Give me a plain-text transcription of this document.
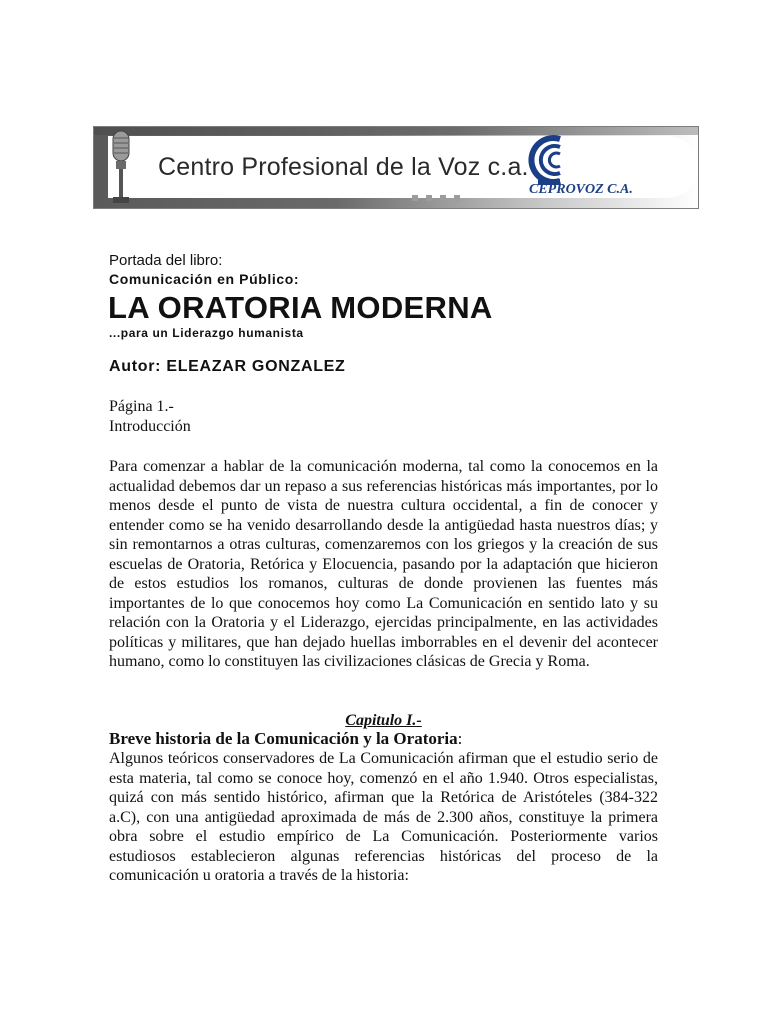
Centro Profesional de la Voz c.a.
CEPROVOZ C.A.
Portada del libro:
Comunicación en Público:
LA ORATORIA MODERNA
...para un Liderazgo humanista
Autor: ELEAZAR GONZALEZ
Página 1.-
Introducción
Para comenzar a hablar de la comunicación moderna, tal como la conocemos en la actualidad debemos dar un repaso a sus referencias históricas más importantes, por lo menos desde el punto de vista de nuestra cultura occidental, a fin de conocer y entender como se ha venido desarrollando desde la antigüedad hasta nuestros días; y sin remontarnos a otras culturas, comenzaremos con los griegos y la creación de sus escuelas de Oratoria, Retórica y Elocuencia, pasando por la adaptación que hicieron de estos estudios los romanos, culturas de donde provienen las fuentes más importantes de lo que conocemos hoy como La Comunicación en sentido lato y su relación con la Oratoria y el Liderazgo, ejercidas principalmente, en las actividades políticas y militares, que han dejado huellas imborrables en el devenir del acontecer humano, como lo constituyen las civilizaciones clásicas de Grecia y Roma.
Capitulo I.-
Breve historia de la Comunicación y la Oratoria:
Algunos teóricos conservadores de La Comunicación afirman que el estudio serio de esta materia, tal como se conoce hoy, comenzó en el año 1.940. Otros especialistas, quizá con más sentido histórico, afirman que la Retórica de Aristóteles (384-322 a.C), con una antigüedad aproximada de más de 2.300 años, constituye la primera obra sobre el estudio empírico de La Comunicación. Posteriormente varios estudiosos establecieron algunas referencias históricas del proceso de la comunicación u oratoria a través de la historia:
